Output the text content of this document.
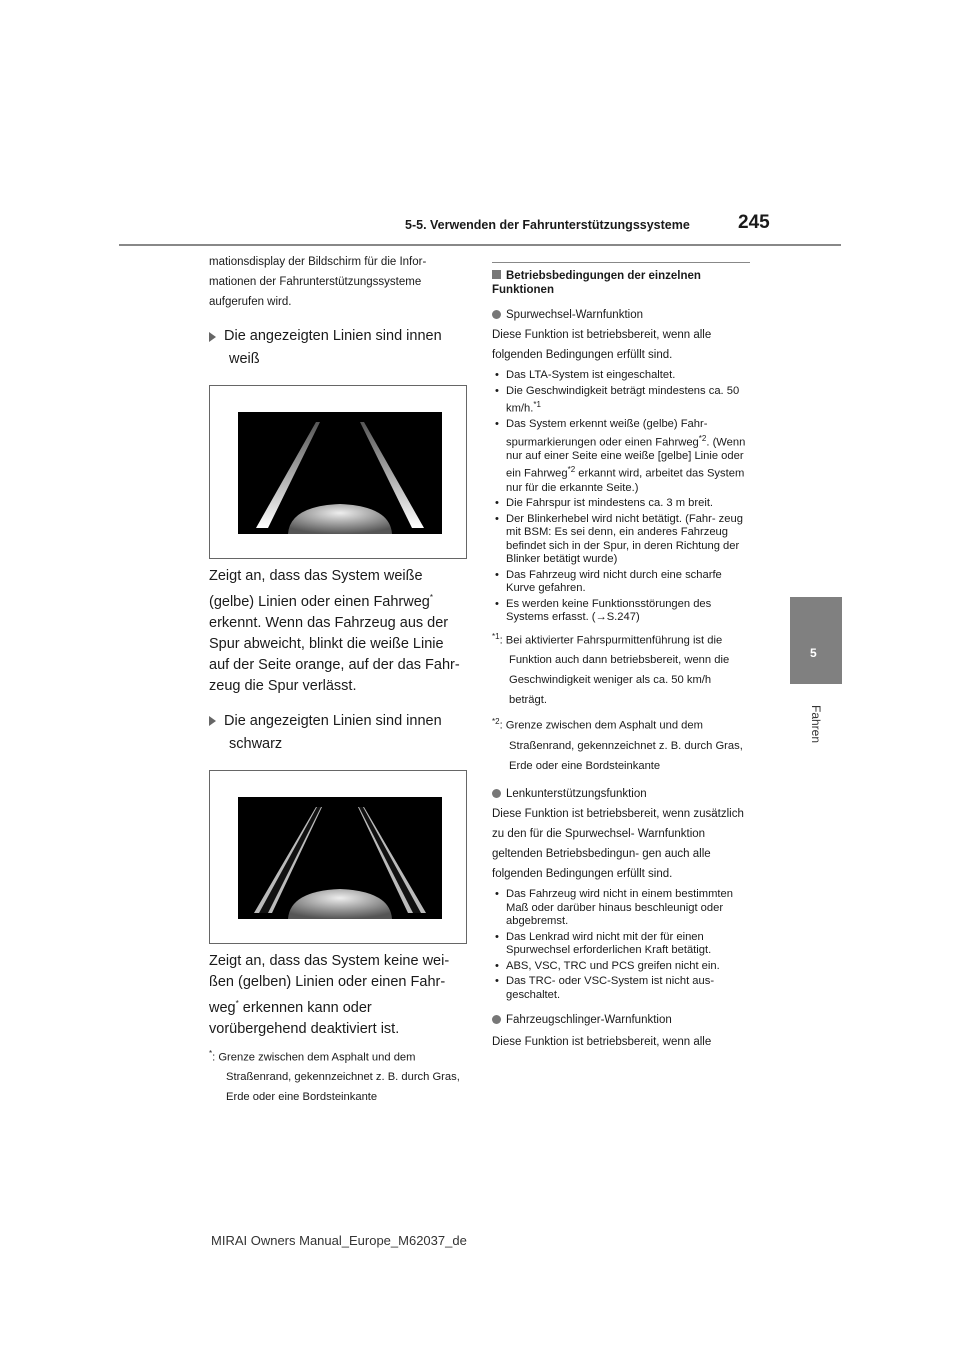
5-5. Verwenden der Fahrunterstützungssysteme	245
5
Fahren
mationsdisplay der Bildschirm für die Infor- mationen der Fahrunterstützungssysteme aufgerufen wird.
Die angezeigten Linien sind innen
weiß
Zeigt an, dass das System weiße (gelbe) Linien oder einen Fahrweg* erkennt. Wenn das Fahrzeug aus der Spur abweicht, blinkt die weiße Linie auf der Seite orange, auf der das Fahr- zeug die Spur verlässt.
Die angezeigten Linien sind innen
schwarz
Zeigt an, dass das System keine wei- ßen (gelben) Linien oder einen Fahr- weg* erkennen kann oder vorübergehend deaktiviert ist.
*: Grenze zwischen dem Asphalt und dem Straßenrand, gekennzeichnet z. B. durch Gras, Erde oder eine Bordsteinkante
Betriebsbedingungen der einzelnen Funktionen
Spurwechsel-Warnfunktion
Diese Funktion ist betriebsbereit, wenn alle folgenden Bedingungen erfüllt sind.
• Das LTA-System ist eingeschaltet.
• Die Geschwindigkeit beträgt mindestens ca. 50 km/h.$^{*1}$
• Das System erkennt weiße (gelbe) Fahr- spurmarkierungen oder einen Fahrweg$^{*2}$. (Wenn nur auf einer Seite eine weiße [gelbe] Linie oder ein Fahrweg$^{*2}$ erkannt wird, arbeitet das System nur für die erkannte Seite.)
• Die Fahrspur ist mindestens ca. 3 m breit.
• Der Blinkerhebel wird nicht betätigt. (Fahr- zeug mit BSM: Es sei denn, ein anderes Fahrzeug befindet sich in der Spur, in deren Richtung der Blinker betätigt wurde)
• Das Fahrzeug wird nicht durch eine scharfe Kurve gefahren.
• Es werden keine Funktionsstörungen des Systems erfasst. (→S.247)
$^{*1}$: Bei aktivierter Fahrspurmittenführung ist die Funktion auch dann betriebsbereit, wenn die Geschwindigkeit weniger als ca. 50 km/h beträgt.
$^{*2}$: Grenze zwischen dem Asphalt und dem Straßenrand, gekennzeichnet z. B. durch Gras, Erde oder eine Bordsteinkante
Lenkunterstützungsfunktion
Diese Funktion ist betriebsbereit, wenn zusätzlich zu den für die Spurwechsel- Warnfunktion geltenden Betriebsbedingun- gen auch alle folgenden Bedingungen erfüllt sind.
• Das Fahrzeug wird nicht in einem bestimmten Maß oder darüber hinaus beschleunigt oder abgebremst.
• Das Lenkrad wird nicht mit der für einen Spurwechsel erforderlichen Kraft betätigt.
• ABS, VSC, TRC und PCS greifen nicht ein.
• Das TRC- oder VSC-System ist nicht aus- geschaltet.
Fahrzeugschlinger-Warnfunktion
Diese Funktion ist betriebsbereit, wenn alle
MIRAI Owners Manual_Europe_M62037_de
